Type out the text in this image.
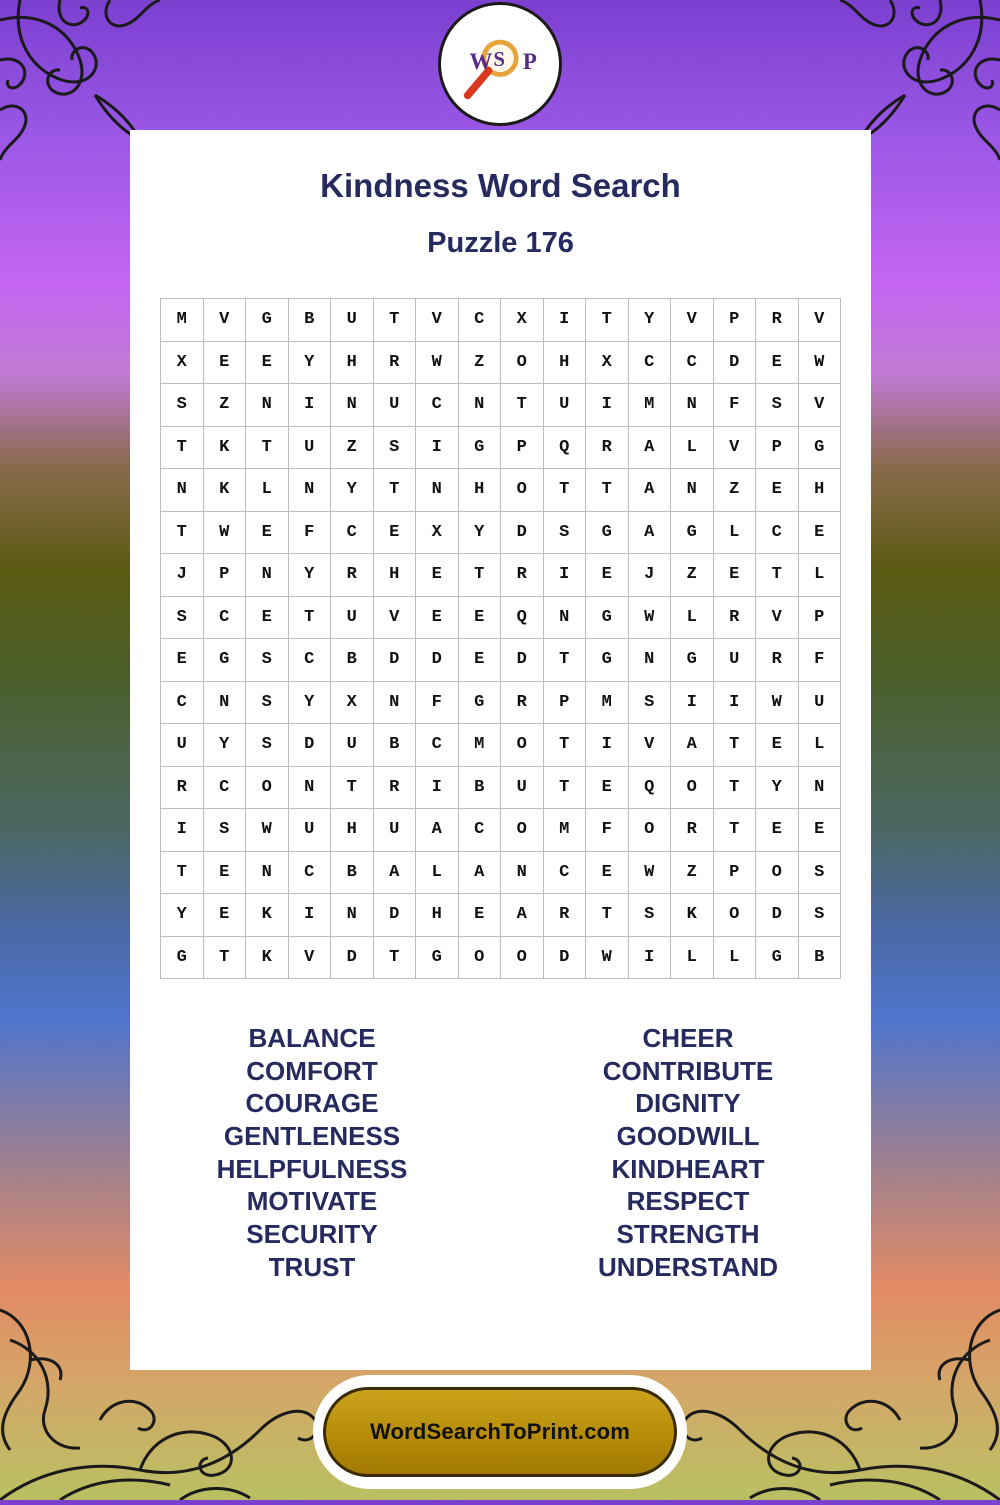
W S P
Kindness Word Search
Puzzle 176
M	V	G	B	U	T	V	C	X	I	T	Y	V	P	R	V
X	E	E	Y	H	R	W	Z	O	H	X	C	C	D	E	W
S	Z	N	I	N	U	C	N	T	U	I	M	N	F	S	V
T	K	T	U	Z	S	I	G	P	Q	R	A	L	V	P	G
N	K	L	N	Y	T	N	H	O	T	T	A	N	Z	E	H
T	W	E	F	C	E	X	Y	D	S	G	A	G	L	C	E
J	P	N	Y	R	H	E	T	R	I	E	J	Z	E	T	L
S	C	E	T	U	V	E	E	Q	N	G	W	L	R	V	P
E	G	S	C	B	D	D	E	D	T	G	N	G	U	R	F
C	N	S	Y	X	N	F	G	R	P	M	S	I	I	W	U
U	Y	S	D	U	B	C	M	O	T	I	V	A	T	E	L
R	C	O	N	T	R	I	B	U	T	E	Q	O	T	Y	N
I	S	W	U	H	U	A	C	O	M	F	O	R	T	E	E
T	E	N	C	B	A	L	A	N	C	E	W	Z	P	O	S
Y	E	K	I	N	D	H	E	A	R	T	S	K	O	D	S
G	T	K	V	D	T	G	O	O	D	W	I	L	L	G	B
BALANCE
COMFORT
COURAGE
GENTLENESS
HELPFULNESS
MOTIVATE
SECURITY
TRUST
CHEER
CONTRIBUTE
DIGNITY
GOODWILL
KINDHEART
RESPECT
STRENGTH
UNDERSTAND
WordSearchToPrint.com
